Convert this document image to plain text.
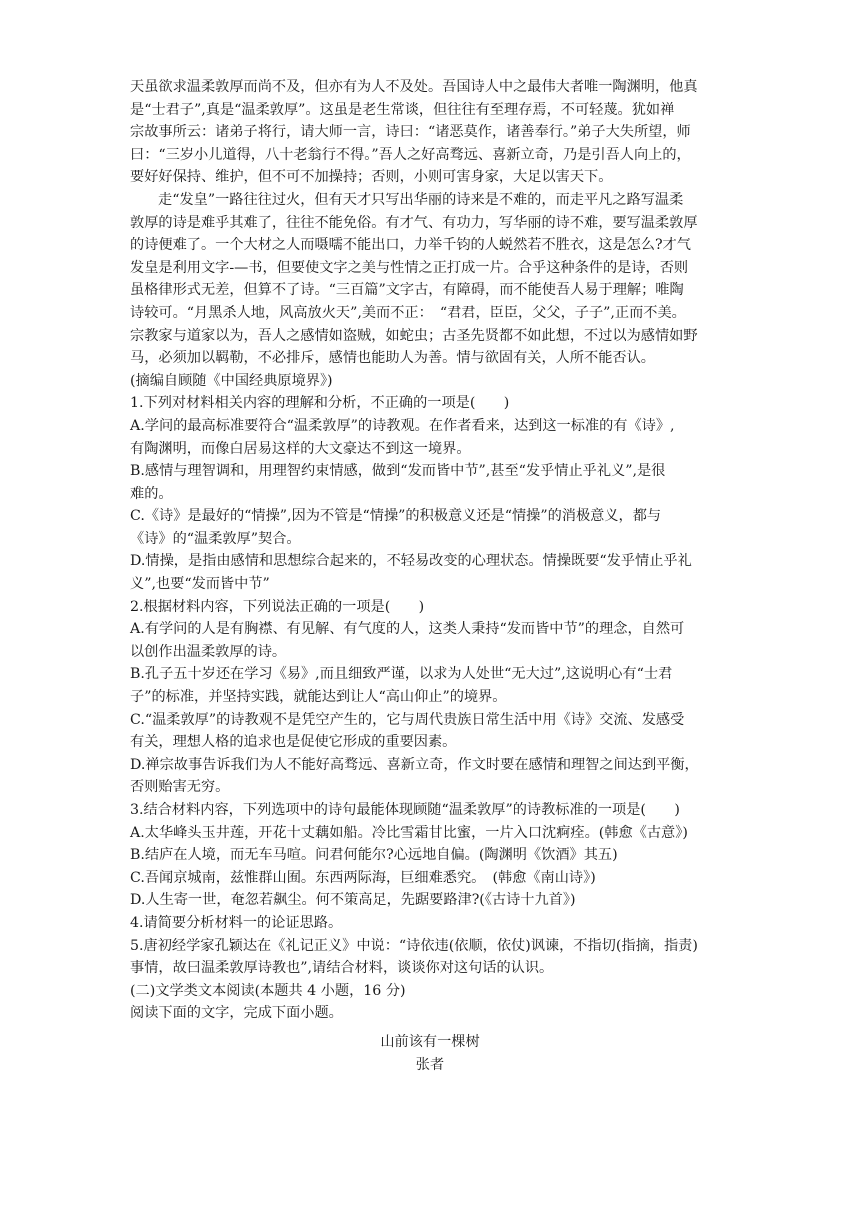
天虽欲求温柔敦厚而尚不及，但亦有为人不及处。吾国诗人中之最伟大者唯一陶渊明，他真

是“士君子”,真是“温柔敦厚”。这虽是老生常谈，但往往有至理存焉，不可轻蔑。犹如禅

宗故事所云：诸弟子将行，请大师一言，诗曰：“诸恶莫作，诸善奉行。”弟子大失所望，师

曰：“三岁小儿道得，八十老翁行不得。”吾人之好高骛远、喜新立奇，乃是引吾人向上的，

要好好保持、维护，但不可不加操持；否则，小则可害身家，大足以害天下。

走“发皇”一路往往过火，但有天才只写出华丽的诗来是不难的，而走平凡之路写温柔

敦厚的诗是难乎其难了，往往不能免俗。有才气、有功力，写华丽的诗不难，要写温柔敦厚

的诗便难了。一个大材之人而嗫嚅不能出口，力举千钧的人蜕然若不胜衣，这是怎么?才气

发皇是利用文字-—书，但要使文字之美与性情之正打成一片。合乎这种条件的是诗，否则

虽格律形式无差，但算不了诗。“三百篇”文字古，有障碍，而不能使吾人易于理解；唯陶

诗较可。“月黑杀人地，风高放火天”,美而不正：　“君君，臣臣，父父，子子”,正而不美。

宗教家与道家以为，吾人之感情如盗贼，如蛇虫；古圣先贤都不如此想，不过以为感情如野

马，必须加以羁勒，不必排斥，感情也能助人为善。情与欲固有关，人所不能否认。

(摘编自顾随《中国经典原境界》)

1.下列对材料相关内容的理解和分析，不正确的一项是(　　)

A.学问的最高标准要符合“温柔敦厚”的诗教观。在作者看来，达到这一标准的有《诗》,

有陶渊明，而像白居易这样的大文豪达不到这一境界。

B.感情与理智调和，用理智约束情感，做到“发而皆中节”,甚至“发乎情止乎礼义”,是很

难的。

C.《诗》是最好的“情操”,因为不管是“情操”的积极意义还是“情操”的消极意义，都与

《诗》的“温柔敦厚”契合。

D.情操，是指由感情和思想综合起来的，不轻易改变的心理状态。情操既要“发乎情止乎礼

义”,也要“发而皆中节”

2.根据材料内容，下列说法正确的一项是(　　)

A.有学问的人是有胸襟、有见解、有气度的人，这类人秉持“发而皆中节”的理念，自然可

以创作出温柔敦厚的诗。

B.孔子五十岁还在学习《易》,而且细致严谨，以求为人处世“无大过”,这说明心有“士君

子”的标准，并坚持实践，就能达到让人“高山仰止”的境界。

C.“温柔敦厚”的诗教观不是凭空产生的，它与周代贵族日常生活中用《诗》交流、发感受

有关，理想人格的追求也是促使它形成的重要因素。

D.禅宗故事告诉我们为人不能好高骛远、喜新立奇，作文时要在感情和理智之间达到平衡，

否则贻害无穷。

3.结合材料内容，下列选项中的诗句最能体现顾随“温柔敦厚”的诗教标准的一项是(　　)

A.太华峰头玉井莲，开花十丈藕如船。冷比雪霜甘比蜜，一片入口沈痾痊。(韩愈《古意》)

B.结庐在人境，而无车马喧。问君何能尔?心远地自偏。(陶渊明《饮酒》其五)

C.吾闻京城南，兹惟群山囿。东西两际海，巨细难悉究。　(韩愈《南山诗》)

D.人生寄一世，奄忽若飙尘。何不策高足，先踞要路津?(《古诗十九首》)

4.请简要分析材料一的论证思路。

5.唐初经学家孔颖达在《礼记正义》中说：“诗依违(依顺，依仗)讽谏，不指切(指摘，指责)

事情，故曰温柔敦厚诗教也”,请结合材料，谈谈你对这句话的认识。

(二)文学类文本阅读(本题共 4 小题，16 分)

阅读下面的文字，完成下面小题。

山前该有一棵树

张者
